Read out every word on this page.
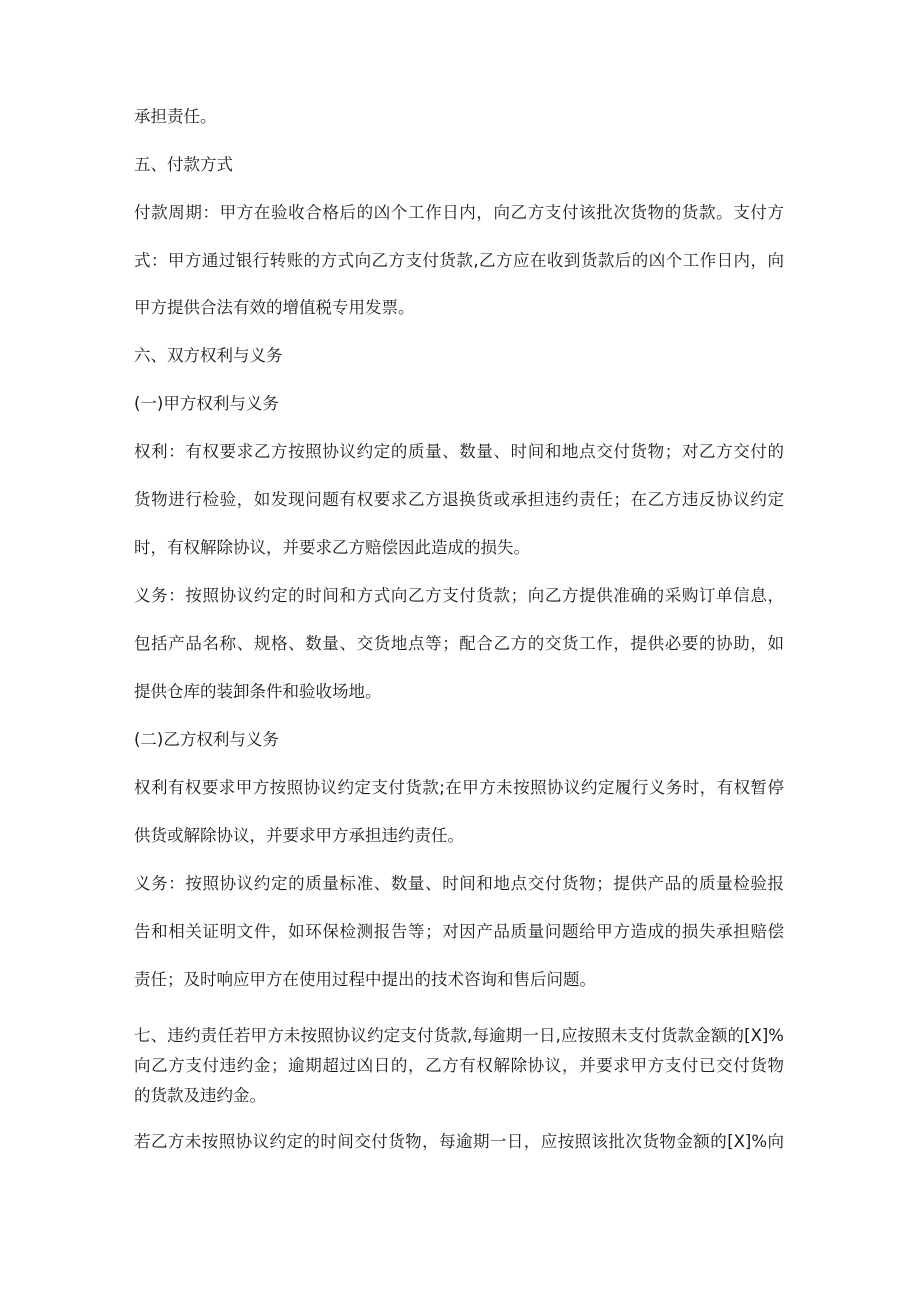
承担责任。

五、付款方式

付款周期：甲方在验收合格后的凶个工作日内，向乙方支付该批次货物的货款。支付方

式：甲方通过银行转账的方式向乙方支付货款,乙方应在收到货款后的凶个工作日内，向

甲方提供合法有效的增值税专用发票。

六、双方权利与义务

(一)甲方权利与义务

权利：有权要求乙方按照协议约定的质量、数量、时间和地点交付货物；对乙方交付的

货物进行检验，如发现问题有权要求乙方退换货或承担违约责任；在乙方违反协议约定

时，有权解除协议，并要求乙方赔偿因此造成的损失。

义务：按照协议约定的时间和方式向乙方支付货款；向乙方提供准确的采购订单信息，

包括产品名称、规格、数量、交货地点等；配合乙方的交货工作，提供必要的协助，如

提供仓库的装卸条件和验收场地。

(二)乙方权利与义务

权利有权要求甲方按照协议约定支付货款;在甲方未按照协议约定履行义务时，有权暂停

供货或解除协议，并要求甲方承担违约责任。

义务：按照协议约定的质量标准、数量、时间和地点交付货物；提供产品的质量检验报

告和相关证明文件，如环保检测报告等；对因产品质量问题给甲方造成的损失承担赔偿

责任；及时响应甲方在使用过程中提出的技术咨询和售后问题。

七、违约责任若甲方未按照协议约定支付货款,每逾期一日,应按照未支付货款金额的[X]%

向乙方支付违约金；逾期超过凶日的，乙方有权解除协议，并要求甲方支付已交付货物

的货款及违约金。

若乙方未按照协议约定的时间交付货物，每逾期一日，应按照该批次货物金额的[X]%向
